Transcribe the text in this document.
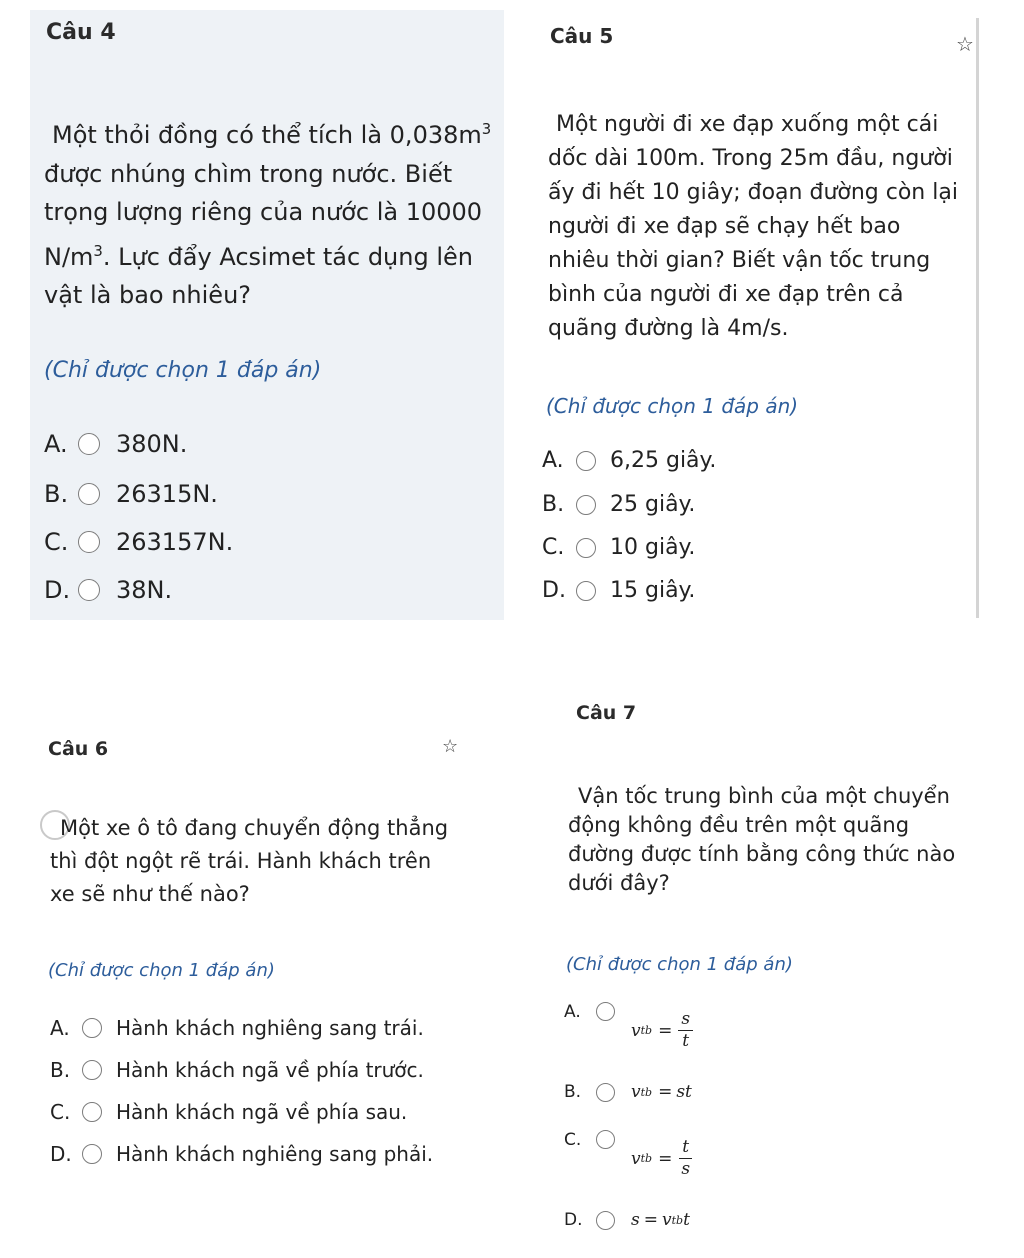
Câu 4
Một thỏi đồng có thể tích là $0,038m^3$
được nhúng chìm trong nước. Biết
trọng lượng riêng của nước là 10000
$N/m^3$. Lực đẩy Acsimet tác dụng lên
vật là bao nhiêu?
(Chỉ được chọn 1 đáp án)
A.	380N.
B.	26315N.
C.	263157N.
D.	38N.
Câu 5	☆
Một người đi xe đạp xuống một cái
dốc dài 100m. Trong 25m đầu, người
ấy đi hết 10 giây; đoạn đường còn lại
người đi xe đạp sẽ chạy hết bao
nhiêu thời gian? Biết vận tốc trung
bình của người đi xe đạp trên cả
quãng đường là 4m/s.
(Chỉ được chọn 1 đáp án)
A.	6,25 giây.
B.	25 giây.
C.	10 giây.
D.	15 giây.
Câu 6	☆
Một xe ô tô đang chuyển động thẳng
thì đột ngột rẽ trái. Hành khách trên
xe sẽ như thế nào?
(Chỉ được chọn 1 đáp án)
A.	Hành khách nghiêng sang trái.
B.	Hành khách ngã về phía trước.
C.	Hành khách ngã về phía sau.
D.	Hành khách nghiêng sang phải.
Câu 7
Vận tốc trung bình của một chuyển
động không đều trên một quãng
đường được tính bằng công thức nào
dưới đây?
(Chỉ được chọn 1 đáp án)
A.
v tb = $\frac{s}{t}$
B.	v tb = st
C.
v tb = $\frac{t}{s}$
D.	s = v tb t
